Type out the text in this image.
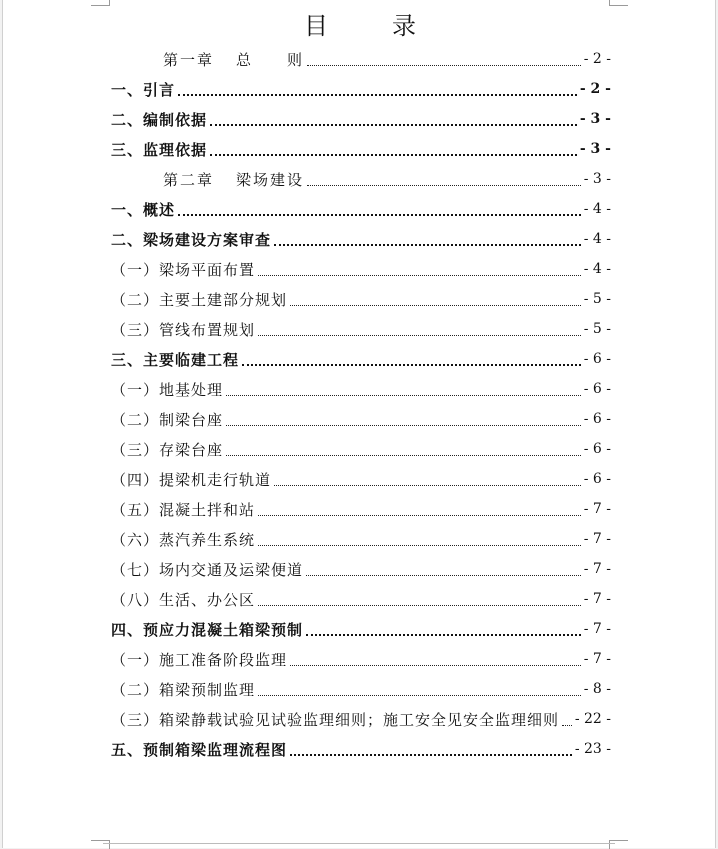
目　录
第一章 总　　则	- 2 -
一、引言	- 2 -
二、编制依据	- 3 -
三、监理依据	- 3 -
第二章 梁场建设	- 3 -
一、概述	- 4 -
二、梁场建设方案审查	- 4 -
（一）梁场平面布置	- 4 -
（二）主要土建部分规划	- 5 -
（三）管线布置规划	- 5 -
三、主要临建工程	- 6 -
（一）地基处理	- 6 -
（二）制梁台座	- 6 -
（三）存梁台座	- 6 -
（四）提梁机走行轨道	- 6 -
（五）混凝土拌和站	- 7 -
（六）蒸汽养生系统	- 7 -
（七）场内交通及运梁便道	- 7 -
（八）生活、办公区	- 7 -
四、预应力混凝土箱梁预制	- 7 -
（一）施工准备阶段监理	- 7 -
（二）箱梁预制监理	- 8 -
（三）箱梁静载试验见试验监理细则；施工安全见安全监理细则 - 22 -
五、预制箱梁监理流程图	- 23 -
